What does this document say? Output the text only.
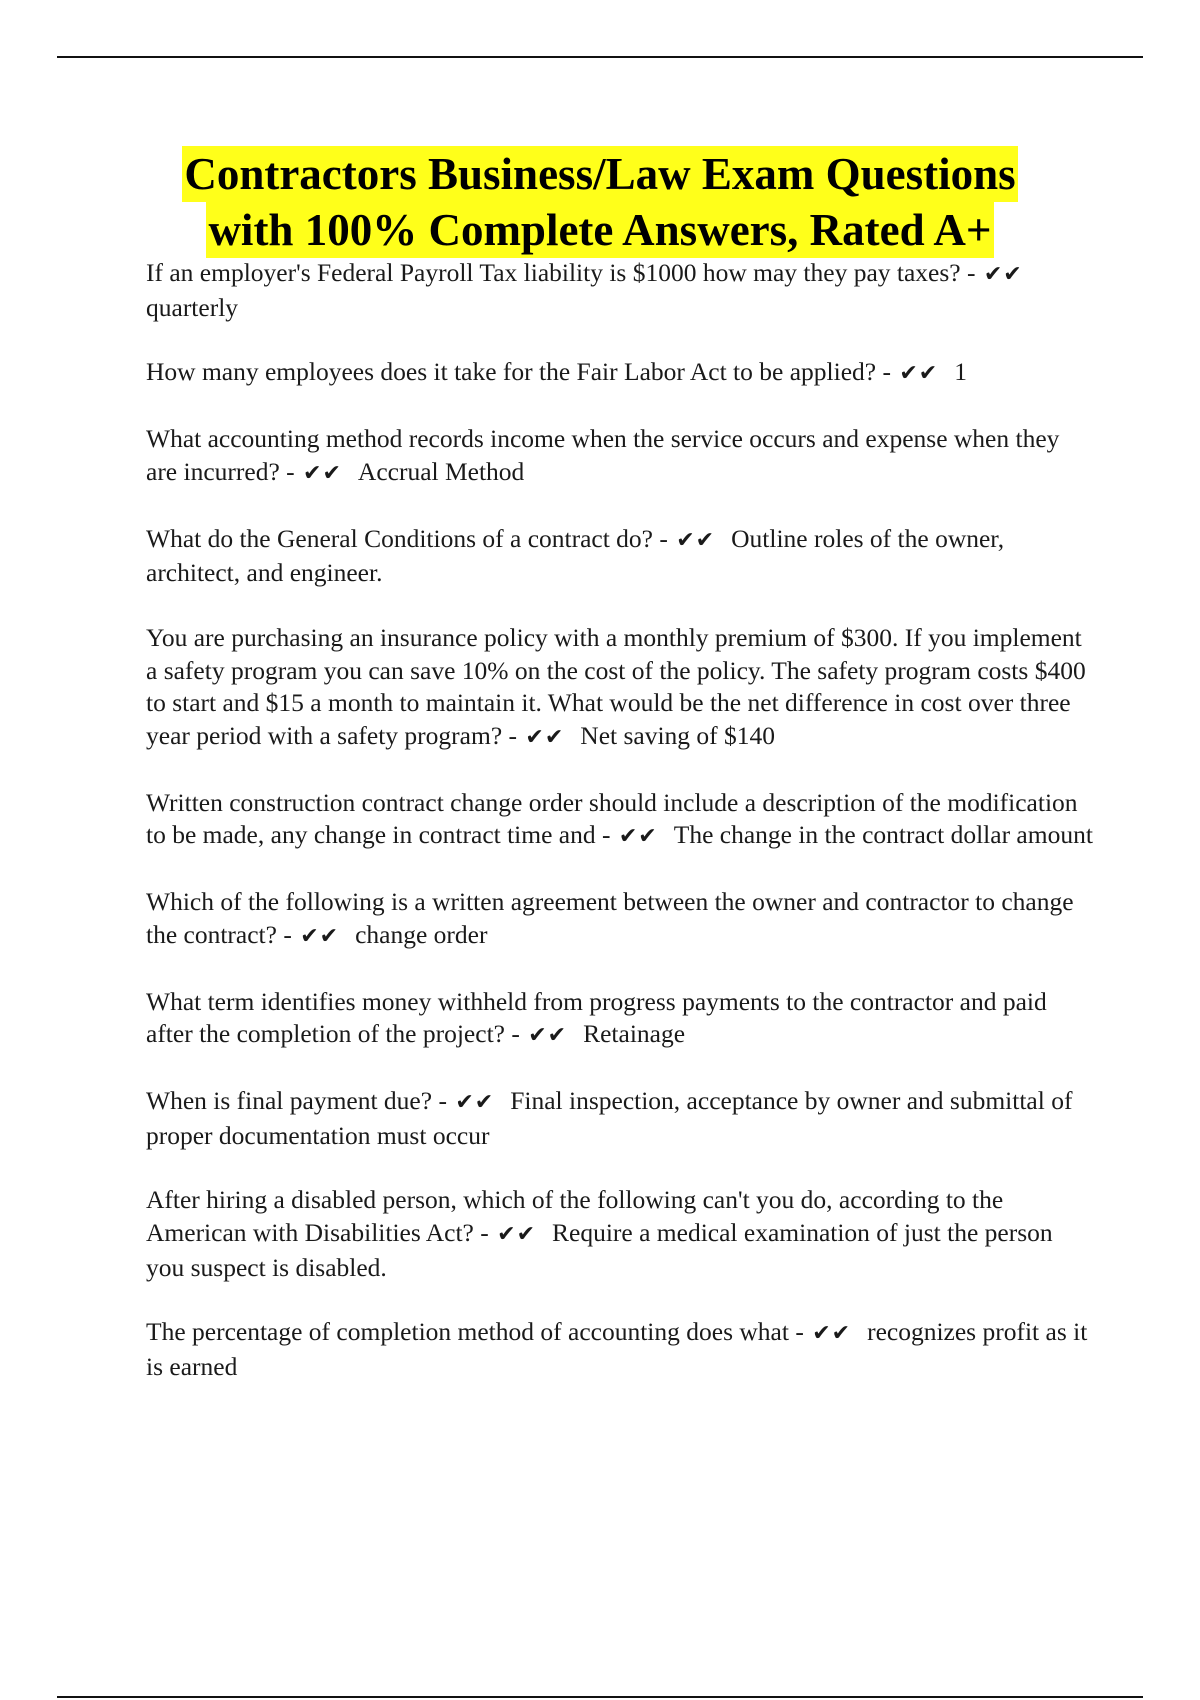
Contractors Business/Law Exam Questions
with 100% Complete Answers, Rated A+
If an employer's Federal Payroll Tax liability is $1000 how may they pay taxes? - ✔✔quarterly
How many employees does it take for the Fair Labor Act to be applied? - ✔✔ 1
What accounting method records income when the service occurs and expense when they are incurred? - ✔✔ Accrual Method
What do the General Conditions of a contract do? - ✔✔ Outline roles of the owner, architect, and engineer.
You are purchasing an insurance policy with a monthly premium of $300. If you implement a safety program you can save 10% on the cost of the policy. The safety program costs $400 to start and $15 a month to maintain it. What would be the net difference in cost over three year period with a safety program? - ✔✔ Net saving of $140
Written construction contract change order should include a description of the modification to be made, any change in contract time and - ✔✔ The change in the contract dollar amount
Which of the following is a written agreement between the owner and contractor to change the contract? - ✔✔ change order
What term identifies money withheld from progress payments to the contractor and paid after the completion of the project? - ✔✔ Retainage
When is final payment due? - ✔✔ Final inspection, acceptance by owner and submittal of proper documentation must occur
After hiring a disabled person, which of the following can't you do, according to the American with Disabilities Act? - ✔✔ Require a medical examination of just the person you suspect is disabled.
The percentage of completion method of accounting does what - ✔✔ recognizes profit as it is earned
